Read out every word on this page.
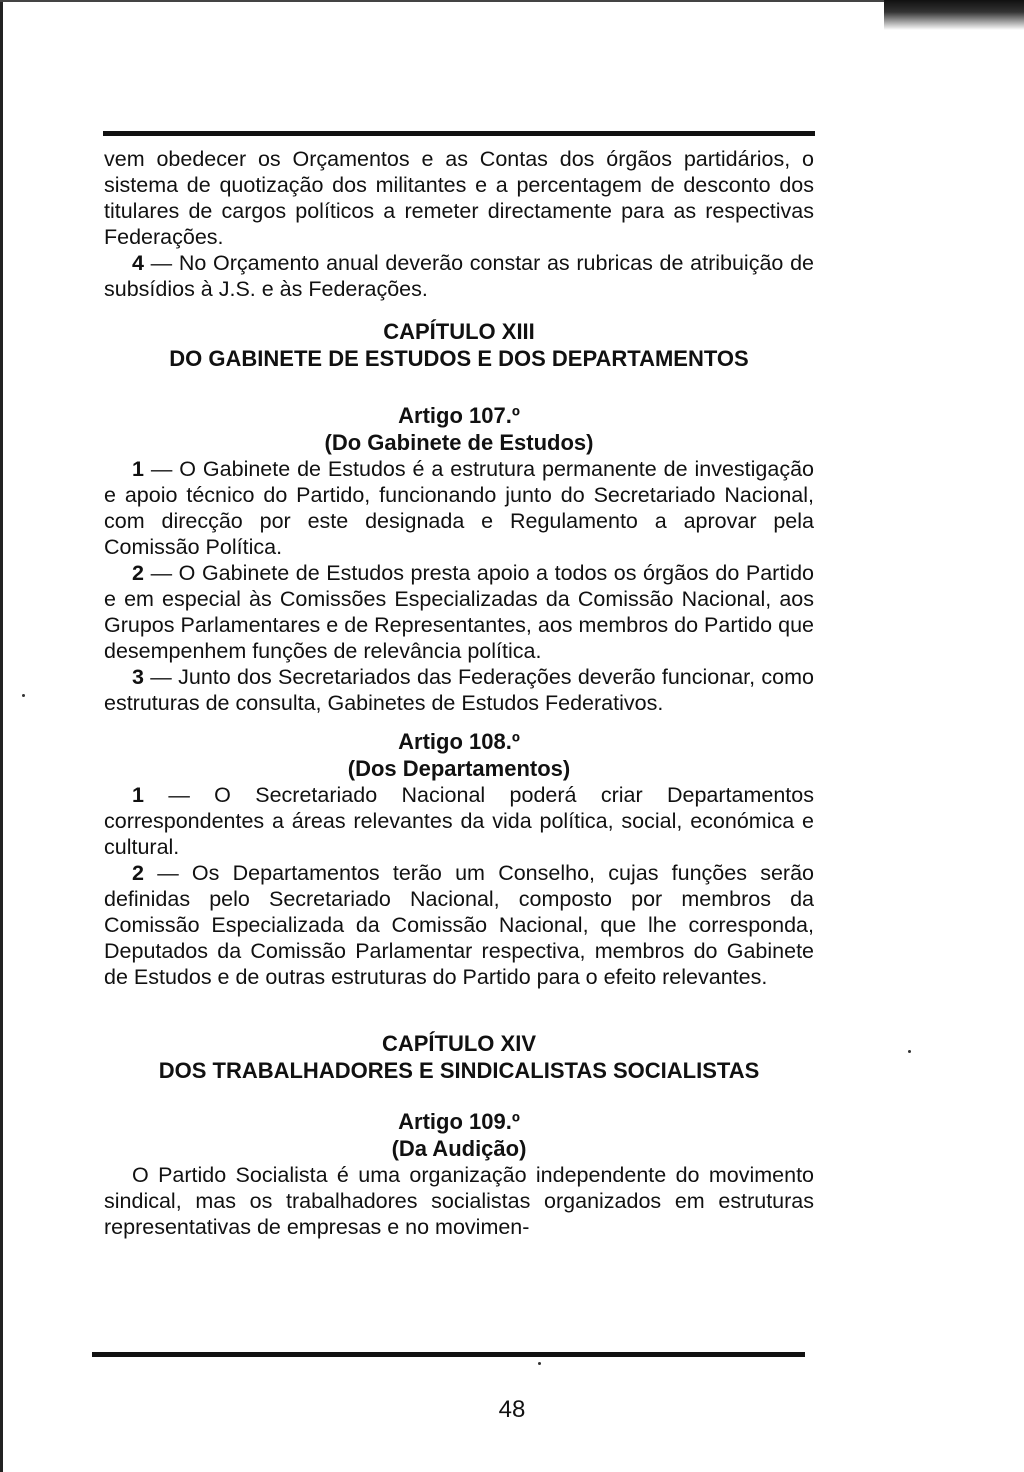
vem obedecer os Orçamentos e as Contas dos órgãos partidários, o sistema de quotização dos militantes e a percentagem de desconto dos titulares de cargos políticos a remeter directamente para as respectivas Federações.

4 — No Orçamento anual deverão constar as rubricas de atribuição de subsídios à J.S. e às Federações.

CAPÍTULO XIII
DO GABINETE DE ESTUDOS E DOS DEPARTAMENTOS
Artigo 107.º
(Do Gabinete de Estudos)

1 — O Gabinete de Estudos é a estrutura permanente de investigação e apoio técnico do Partido, funcionando junto do Secretariado Nacional, com direcção por este designada e Regulamento a aprovar pela Comissão Política.

2 — O Gabinete de Estudos presta apoio a todos os órgãos do Partido e em especial às Comissões Especializadas da Comissão Nacional, aos Grupos Parlamentares e de Representantes, aos membros do Partido que desempenhem funções de relevância política.

3 — Junto dos Secretariados das Federações deverão funcionar, como estruturas de consulta, Gabinetes de Estudos Federativos.

Artigo 108.º
(Dos Departamentos)

1 — O Secretariado Nacional poderá criar Departamentos correspondentes a áreas relevantes da vida política, social, económica e cultural.

2 — Os Departamentos terão um Conselho, cujas funções serão definidas pelo Secretariado Nacional, composto por membros da Comissão Especializada da Comissão Nacional, que lhe corresponda, Deputados da Comissão Parlamentar respectiva, membros do Gabinete de Estudos e de outras estruturas do Partido para o efeito relevantes.

CAPÍTULO XIV
DOS TRABALHADORES E SINDICALISTAS SOCIALISTAS
Artigo 109.º
(Da Audição)

O Partido Socialista é uma organização independente do movimento sindical, mas os trabalhadores socialistas organizados em estruturas representativas de empresas e no movimen-

48
